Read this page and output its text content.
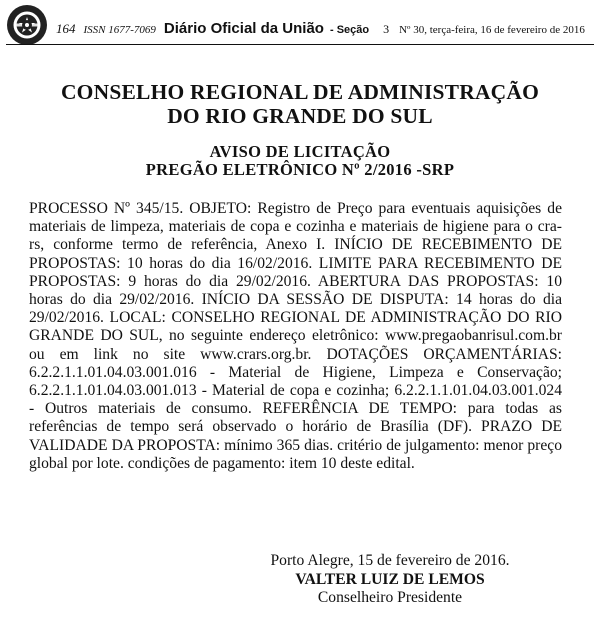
164 ISSN 1677-7069 Diário Oficial da União - Seção 3 Nº 30, terça-feira, 16 de fevereiro de 2016
CONSELHO REGIONAL DE ADMINISTRAÇÃO
DO RIO GRANDE DO SUL
AVISO DE LICITAÇÃO
PREGÃO ELETRÔNICO Nº 2/2016 -SRP
PROCESSO Nº 345/15. OBJETO: Registro de Preço para eventuais aquisições de materiais de limpeza, materiais de copa e cozinha e materiais de higiene para o cra-rs, conforme termo de referência, Anexo I. INÍCIO DE RECEBIMENTO DE PROPOSTAS: 10 horas do dia 16/02/2016. LIMITE PARA RECEBIMENTO DE PROPOSTAS: 9 horas do dia 29/02/2016. ABERTURA DAS PROPOSTAS: 10 horas do dia 29/02/2016. INÍCIO DA SESSÃO DE DISPUTA: 14 horas do dia 29/02/2016. LOCAL: CONSELHO REGIONAL DE ADMINISTRAÇÃO DO RIO GRANDE DO SUL, no seguinte endereço eletrônico: www.pregaobanrisul.com.br ou em link no site www.crars.org.br. DOTAÇÕES ORÇAMENTÁRIAS: 6.2.2.1.1.01.04.03.001.016 - Material de Higiene, Limpeza e Conservação; 6.2.2.1.1.01.04.03.001.013 - Material de copa e cozinha; 6.2.2.1.1.01.04.03.001.024 - Outros materiais de consumo. REFERÊNCIA DE TEMPO: para todas as referências de tempo será observado o horário de Brasília (DF). PRAZO DE VALIDADE DA PROPOSTA: mínimo 365 dias. critério de julgamento: menor preço global por lote. condições de pagamento: item 10 deste edital.
Porto Alegre, 15 de fevereiro de 2016.
VALTER LUIZ DE LEMOS
Conselheiro Presidente
